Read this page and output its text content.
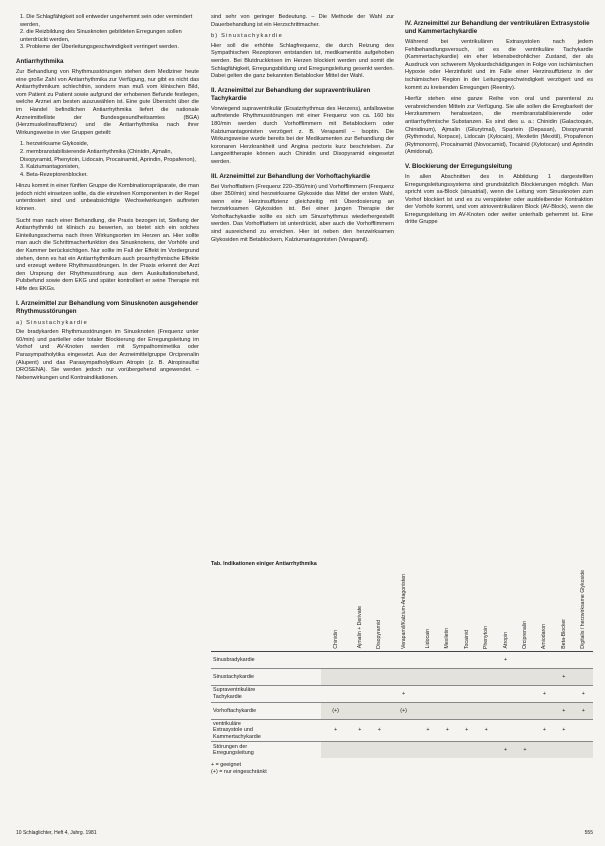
1. Die Schlagfähigkeit soll entweder ungehemmt sein oder vermindert werden,
2. die Reizbildung des Sinusknoten gebildeten Erregungen sollen unterdrückt werden,
3. Probleme der Überleitungsgeschwindigkeit verringert werden.
Antiarrhythmika

Zur Behandlung von Rhythmusstörungen stehen dem Mediziner heute eine große Zahl von Antiarrhythmika zur Verfügung, nur gibt es nicht das Antiarrhythmikum schlechthin, sondern man muß vom klinischen Bild, vom Patient zu Patient sowie aufgrund der erhobenen Befunde festlegen, welche Arznei am besten auszuwählen ist. Eine gute Übersicht über die im Handel befindlichen Antiarrhythmika liefert die nationale Arzneimittelliste der Bundesgesundheitsamtes (BGA) (Herzmuskelinsuffizienz) und die Antiarrhythmika nach ihrer Wirkungsweise in vier Gruppen geteilt:

1. herzwirksame Glykoside,
2. membranstabilisierende Antiarrhythmika (Chinidin, Ajmalin, Disopyramid, Phenytoin, Lidocain, Procainamid, Aprindin, Propafenon),
3. Kalziumantagonisten,
4. Beta-Rezeptorenblocker.

Hinzu kommt in einer fünften Gruppe die Kombinationspräparate, die man jedoch nicht einsetzen sollte, da die einzelnen Komponenten in der Regel unterdosiert sind und unbeabsichtigte Wechselwirkungen auftreten können.

Sucht man nach einer Behandlung, die Praxis bezogen ist, Stellung der Antiarrhythmiki ist klinisch zu bewerten, so bietet sich ein solches Einteilungsschema nach ihren Wirkungsorten im Herzen an. Hier sollte man auch die Schrittmacherfunktion des Sinusknotens, der Vorhöfe und der Kammer berücksichtigen. Nur sollte im Fall der Effekt im Vordergrund stehen, denn es hat ein Antiarrhythmikum auch proarrhythmische Effekte und erzeugt weitere Rhythmusstörungen. In der Praxis erkennt der Arzt den Ursprung der Rhythmusstörung aus dem Auskultationsbefund, Pulsbefund sowie dem EKG und später kontrolliert er seine Therapie mit Hilfe des EKGs.

I. Arzneimittel zur Behandlung vom Sinusknoten ausgehender Rhythmusstörungen
a) Sinustachykardie

Die bradykarden Rhythmusstörungen im Sinusknoten (Frequenz unter 60/min) und partieller oder totaler Blockierung der Erregungsleitung im Vorhof und AV-Knoten werden mit Sympathomimetika oder Parasympatholytika eingesetzt. Aus der Arzneimittelgruppe Orciprenalin (Alupent) und das Parasympatholytikum Atropin (z. B. Atropinsulfat DROSENA). Sie werden jedoch nur vorübergehend angewendet. – Nebenwirkungen und Kontraindikationen.

sind sehr von geringer Bedeutung. – Die Methode der Wahl zur Dauerbehandlung ist ein Herzschrittmacher.

b) Sinustachykardie

Hier soll die erhöhte Schlagfrequenz, die durch Reizung des Sympathischen Rezeptoren entstanden ist, medikamentös aufgehoben werden. Bei Blutdruckkrisen im Herzen blockiert werden und somit die Schlagfähigkeit, Erregungsbildung und Erregungsleitung gesenkt werden. Dabei gelten die ganz bekannten Betablocker Mittel der Wahl.

II. Arzneimittel zur Behandlung der supraventrikulären Tachykardie

Vorwiegend supraventrikulär (Ersatzrhythmus des Herzens), anfallsweise auftretende Rhythmusstörungen mit einer Frequenz von ca. 160 bis 180/min werden durch Vorhofflimmern mit Betablockern oder Kalziumantagonisten verzögert z. B. Verapamil – Isoptin. Die Wirkungsweise wurde bereits bei der Medikamenten zur Behandlung der koronaren Herzkrankheit und Angina pectoris kurz beschrieben. Zur Langzeittherapie können auch Chinidin und Disopyramid eingesetzt werden.

III. Arzneimittel zur Behandlung der Vorhoftachykardie

Bei Vorhofflattern (Frequenz 220–350/min) und Vorhofflimmern (Frequenz über 350/min) sind herzwirksame Glykoside das Mittel der ersten Wahl, wenn eine Herzinsuffizienz gleichzeitig mit Überdosierung an herzwirksamen Glykosiden ist. Bei einer jungen Therapie der Vorhoftachykardie sollte es sich um Sinusrhythmus wiederhergestellt werden. Das Vorhofflattern ist unterdrückt, aber auch die Vorhofflimmern sind ausreichend zu erreichen. Hier ist neben den herzwirksamen Glykosiden mit Betablockern, Kalziumantagonisten (Verapamil).

IV. Arzneimittel zur Behandlung der ventrikulären Extrasystolie und Kammertachykardie

Während bei ventrikulären Extrasystolen nach jedem Fehlbehandlungsversuch, ist es die ventrikuläre Tachykardie (Kammertachykardie) ein eher lebensbedrohlicher Zustand, der als Ausdruck von schwerem Myokardschädigungen in Folge von ischämischen Hypoxie oder Herzinfarkt und im Falle einer Herzinsuffizienz in der ischämischen Region in der Leitungsgeschwindigkeit verzögert und es kommt zu kreisenden Erregungen (Reentry).

Hierfür stehen eine ganze Reihe von oral und parenteral zu verabreichenden Mitteln zur Verfügung. Sie alle sollen die Erregbarkeit der Herzkammern herabsetzen, die membranstabilisierende oder antiarrhythmische Substanzen. Es sind dies u. a.: Chinidin (Galactoquin, Chinidinum), Ajmalin (Gilurytmal), Spartein (Depasan), Disopyramid (Rythmodul, Norpace), Lidocain (Xylocain), Mexiletin (Mexitil), Propafenon (Rytmonorm), Procainamid (Novocamid), Tocainid (Xylotocan) und Aprindin (Amidonal).

V. Blockierung der Erregungsleitung

In allen Abschnitten des in Abbildung 1 dargestellten Erregungsleitungssystems sind grundsätzlich Blockierungen möglich. Man spricht vom sa-Block (sinuatrial), wenn die Leitung vom Sinusknoten zum Vorhof blockiert ist und es zu verspäteter oder ausbleibender Kontraktion der Vorhöfe kommt, und vom atrioventrikulären Block (AV-Block), wenn die Erregungsleitung im AV-Knoten oder weiter unterhalb gehemmt ist. Eine dritte Gruppe

Tab. Indikationen einiger Antiarrhythmika
	Chinidin	Ajmalin + Derivate	Disopyramid	Verapamil/Kalzium-Antagonisten	Lidocain	Mexiletin	Tocainid	Phenytoin	Atropin	Orciprenalin	Amiodaron	Beta-Blocker	Digitalis / herzwirksame Glykoside
Sinusbradykardie									+				
Sinustachykardie												+	
Supraventrikuläre
Tachykardie				+							+		+
Vorhoftachykardie	(+)			(+)								+	+
ventrikuläre
Extrasystole und
Kammertachykardie	+	+	+		+	+	+	+			+	+	
Störungen der
Erregungsleitung									+	+			
+ = geeignet
(+) = nur eingeschränkt
10 Schlaglichter, Heft 4, Jahrg. 1981	555
